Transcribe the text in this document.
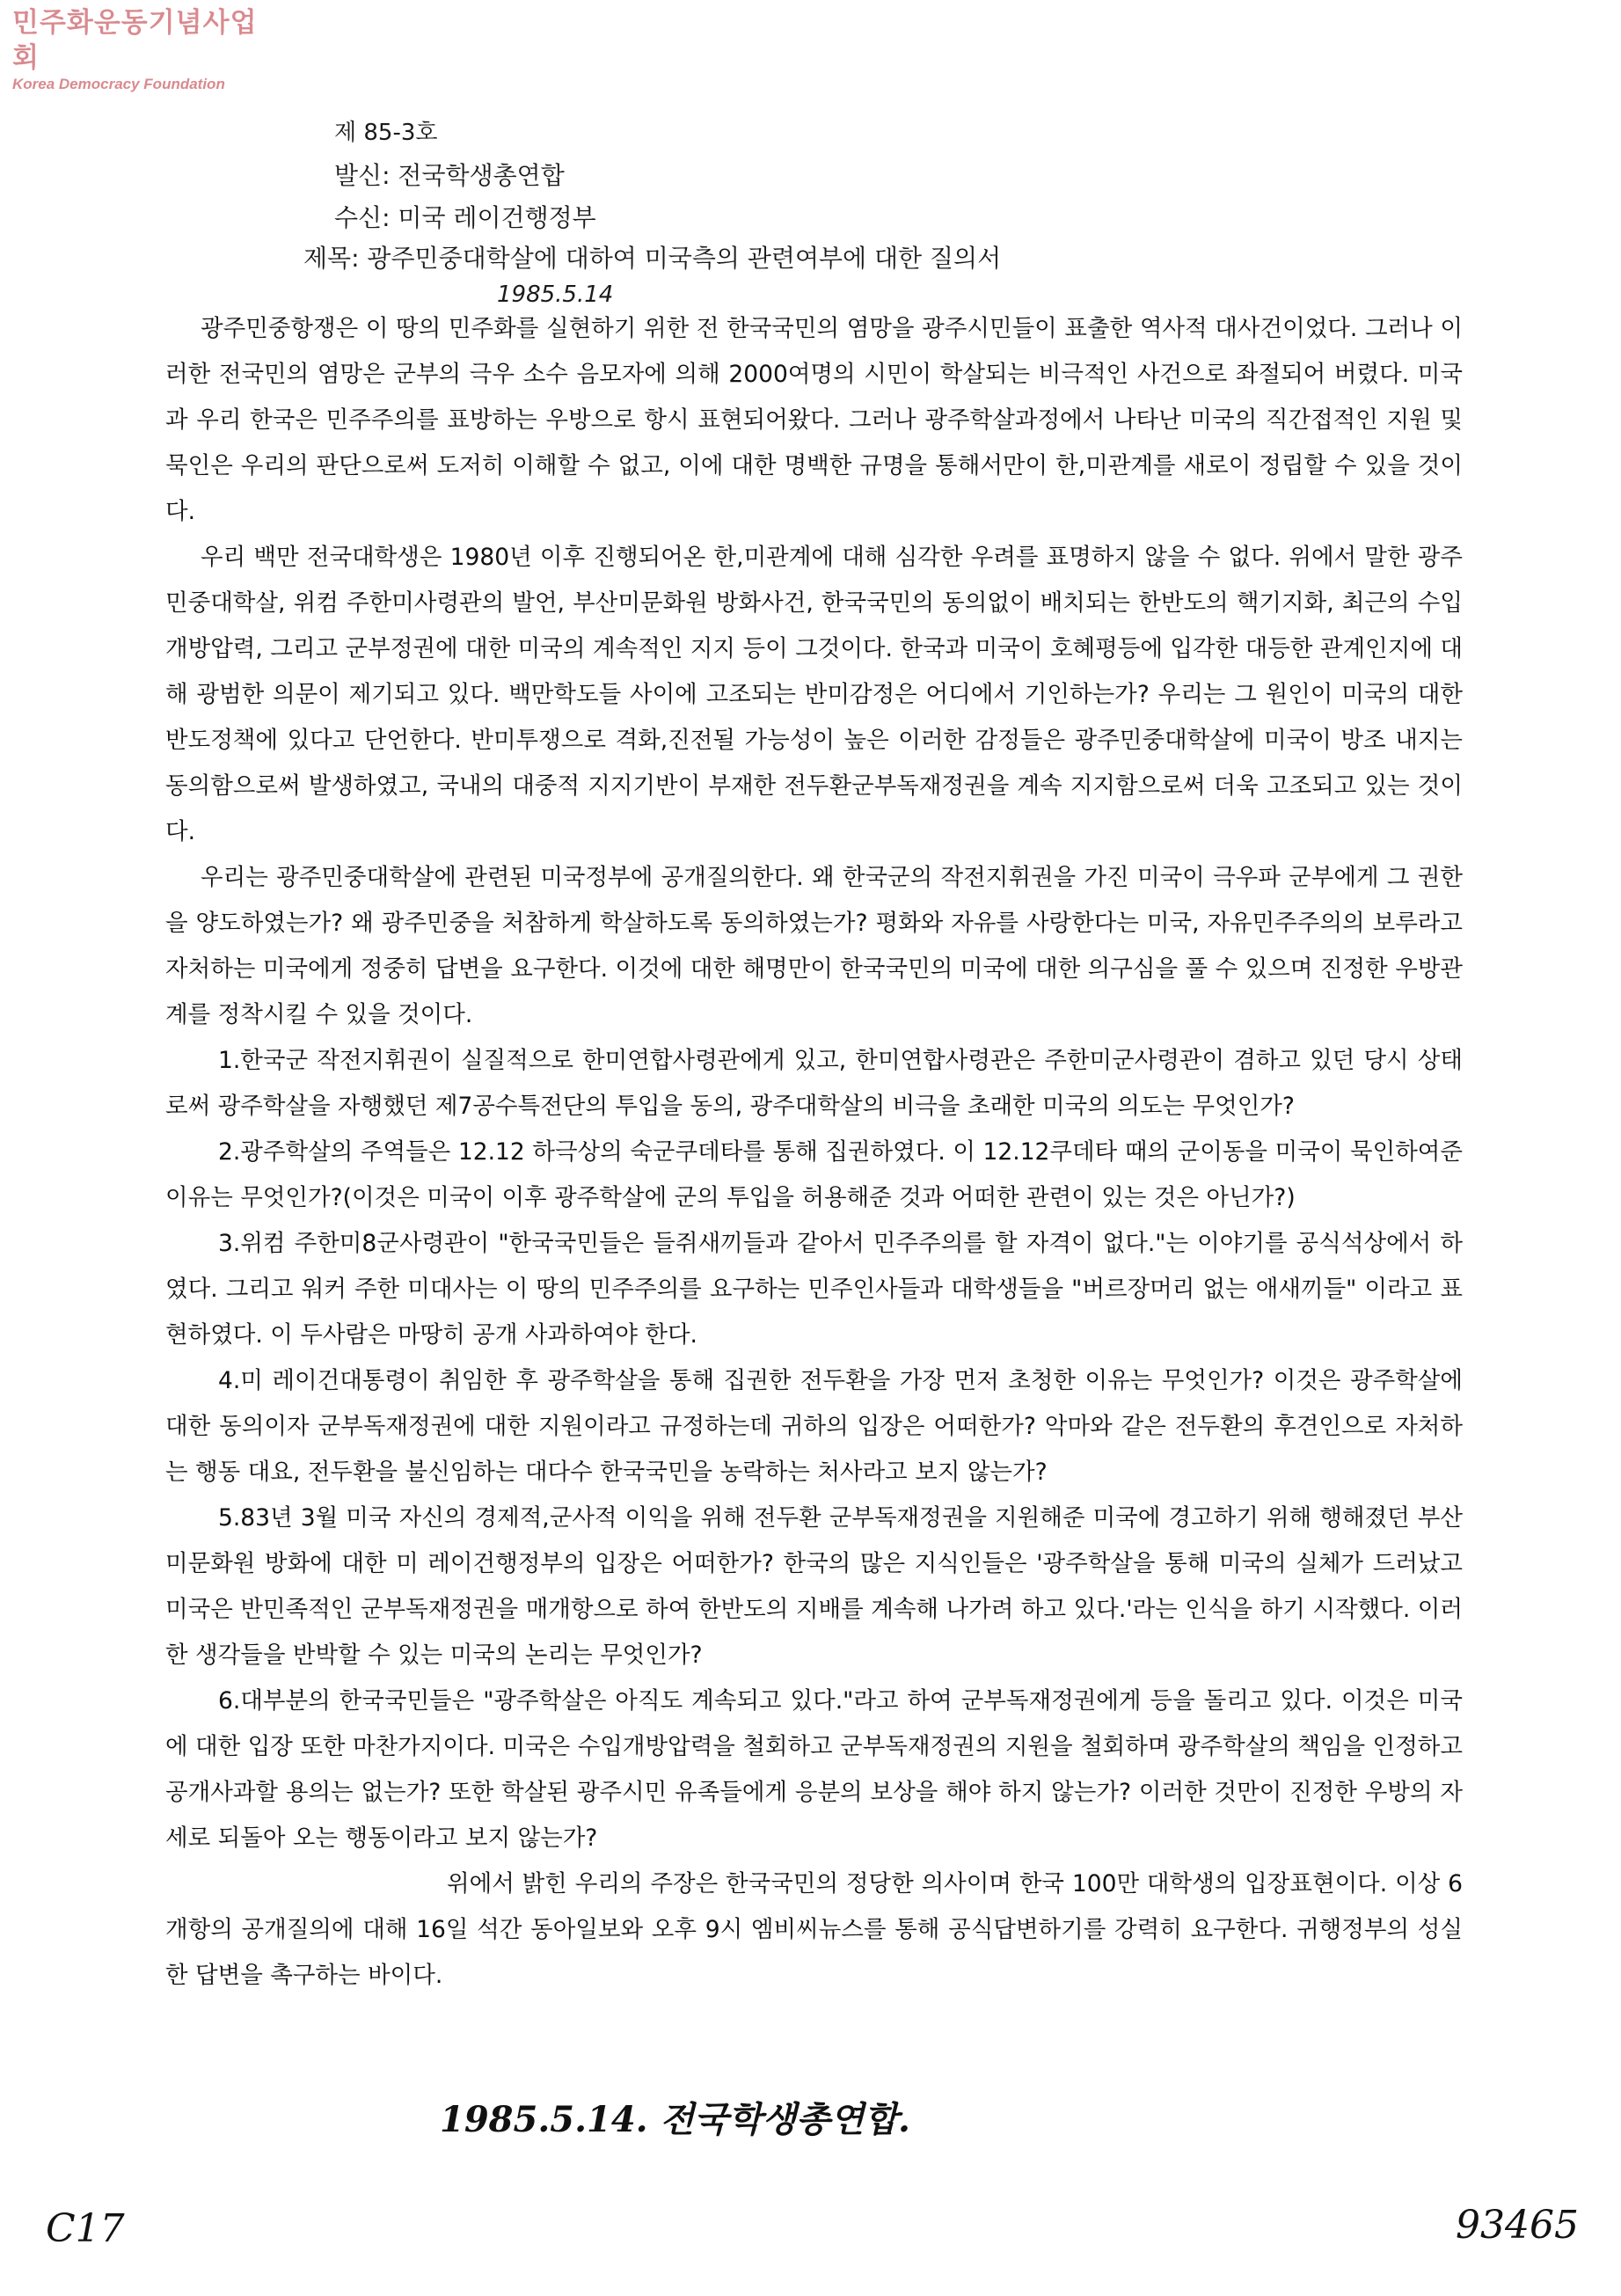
민주화운동기념사업회
Korea Democracy Foundation
제 85-3호
발신: 전국학생총연합
수신: 미국 레이건행정부
제목: 광주민중대학살에 대하여 미국측의 관련여부에 대한 질의서
1985.5.14

광주민중항쟁은 이 땅의 민주화를 실현하기 위한 전 한국국민의 염망을 광주시민들이 표출한 역사적 대사건이었다. 그러나 이러한 전국민의 염망은 군부의 극우 소수 음모자에 의해 2000여명의 시민이 학살되는 비극적인 사건으로 좌절되어 버렸다. 미국과 우리 한국은 민주주의를 표방하는 우방으로 항시 표현되어왔다. 그러나 광주학살과정에서 나타난 미국의 직간접적인 지원 및 묵인은 우리의 판단으로써 도저히 이해할 수 없고, 이에 대한 명백한 규명을 통해서만이 한,미관계를 새로이 정립할 수 있을 것이다.

우리 백만 전국대학생은 1980년 이후 진행되어온 한,미관계에 대해 심각한 우려를 표명하지 않을 수 없다. 위에서 말한 광주민중대학살, 위컴 주한미사령관의 발언, 부산미문화원 방화사건, 한국국민의 동의없이 배치되는 한반도의 핵기지화, 최근의 수입개방압력, 그리고 군부정권에 대한 미국의 계속적인 지지 등이 그것이다. 한국과 미국이 호혜평등에 입각한 대등한 관계인지에 대해 광범한 의문이 제기되고 있다. 백만학도들 사이에 고조되는 반미감정은 어디에서 기인하는가? 우리는 그 원인이 미국의 대한반도정책에 있다고 단언한다. 반미투쟁으로 격화,진전될 가능성이 높은 이러한 감정들은 광주민중대학살에 미국이 방조 내지는 동의함으로써 발생하였고, 국내의 대중적 지지기반이 부재한 전두환군부독재정권을 계속 지지함으로써 더욱 고조되고 있는 것이다.

우리는 광주민중대학살에 관련된 미국정부에 공개질의한다. 왜 한국군의 작전지휘권을 가진 미국이 극우파 군부에게 그 권한을 양도하였는가? 왜 광주민중을 처참하게 학살하도록 동의하였는가? 평화와 자유를 사랑한다는 미국, 자유민주주의의 보루라고 자처하는 미국에게 정중히 답변을 요구한다. 이것에 대한 해명만이 한국국민의 미국에 대한 의구심을 풀 수 있으며 진정한 우방관계를 정착시킬 수 있을 것이다.

1.한국군 작전지휘권이 실질적으로 한미연합사령관에게 있고, 한미연합사령관은 주한미군사령관이 겸하고 있던 당시 상태로써 광주학살을 자행했던 제7공수특전단의 투입을 동의, 광주대학살의 비극을 초래한 미국의 의도는 무엇인가?

2.광주학살의 주역들은 12.12 하극상의 숙군쿠데타를 통해 집권하였다. 이 12.12쿠데타 때의 군이동을 미국이 묵인하여준 이유는 무엇인가?(이것은 미국이 이후 광주학살에 군의 투입을 허용해준 것과 어떠한 관련이 있는 것은 아닌가?)

3.위컴 주한미8군사령관이 "한국국민들은 들쥐새끼들과 같아서 민주주의를 할 자격이 없다."는 이야기를 공식석상에서 하였다. 그리고 워커 주한 미대사는 이 땅의 민주주의를 요구하는 민주인사들과 대학생들을 "버르장머리 없는 애새끼들" 이라고 표현하였다. 이 두사람은 마땅히 공개 사과하여야 한다.

4.미 레이건대통령이 취임한 후 광주학살을 통해 집권한 전두환을 가장 먼저 초청한 이유는 무엇인가? 이것은 광주학살에 대한 동의이자 군부독재정권에 대한 지원이라고 규정하는데 귀하의 입장은 어떠한가? 악마와 같은 전두환의 후견인으로 자처하는 행동 대요, 전두환을 불신임하는 대다수 한국국민을 농락하는 처사라고 보지 않는가?

5.83년 3월 미국 자신의 경제적,군사적 이익을 위해 전두환 군부독재정권을 지원해준 미국에 경고하기 위해 행해졌던 부산미문화원 방화에 대한 미 레이건행정부의 입장은 어떠한가? 한국의 많은 지식인들은 '광주학살을 통해 미국의 실체가 드러났고 미국은 반민족적인 군부독재정권을 매개항으로 하여 한반도의 지배를 계속해 나가려 하고 있다.'라는 인식을 하기 시작했다. 이러한 생각들을 반박할 수 있는 미국의 논리는 무엇인가?

6.대부분의 한국국민들은 "광주학살은 아직도 계속되고 있다."라고 하여 군부독재정권에게 등을 돌리고 있다. 이것은 미국에 대한 입장 또한 마찬가지이다. 미국은 수입개방압력을 철회하고 군부독재정권의 지원을 철회하며 광주학살의 책임을 인정하고 공개사과할 용의는 없는가? 또한 학살된 광주시민 유족들에게 응분의 보상을 해야 하지 않는가? 이러한 것만이 진정한 우방의 자세로 되돌아 오는 행동이라고 보지 않는가?

위에서 밝힌 우리의 주장은 한국국민의 정당한 의사이며 한국 100만 대학생의 입장표현이다. 이상 6개항의 공개질의에 대해 16일 석간 동아일보와 오후 9시 엠비씨뉴스를 통해 공식답변하기를 강력히 요구한다. 귀행정부의 성실한 답변을 촉구하는 바이다.

1985.5.14. 전국학생총연합.
C17	93465
